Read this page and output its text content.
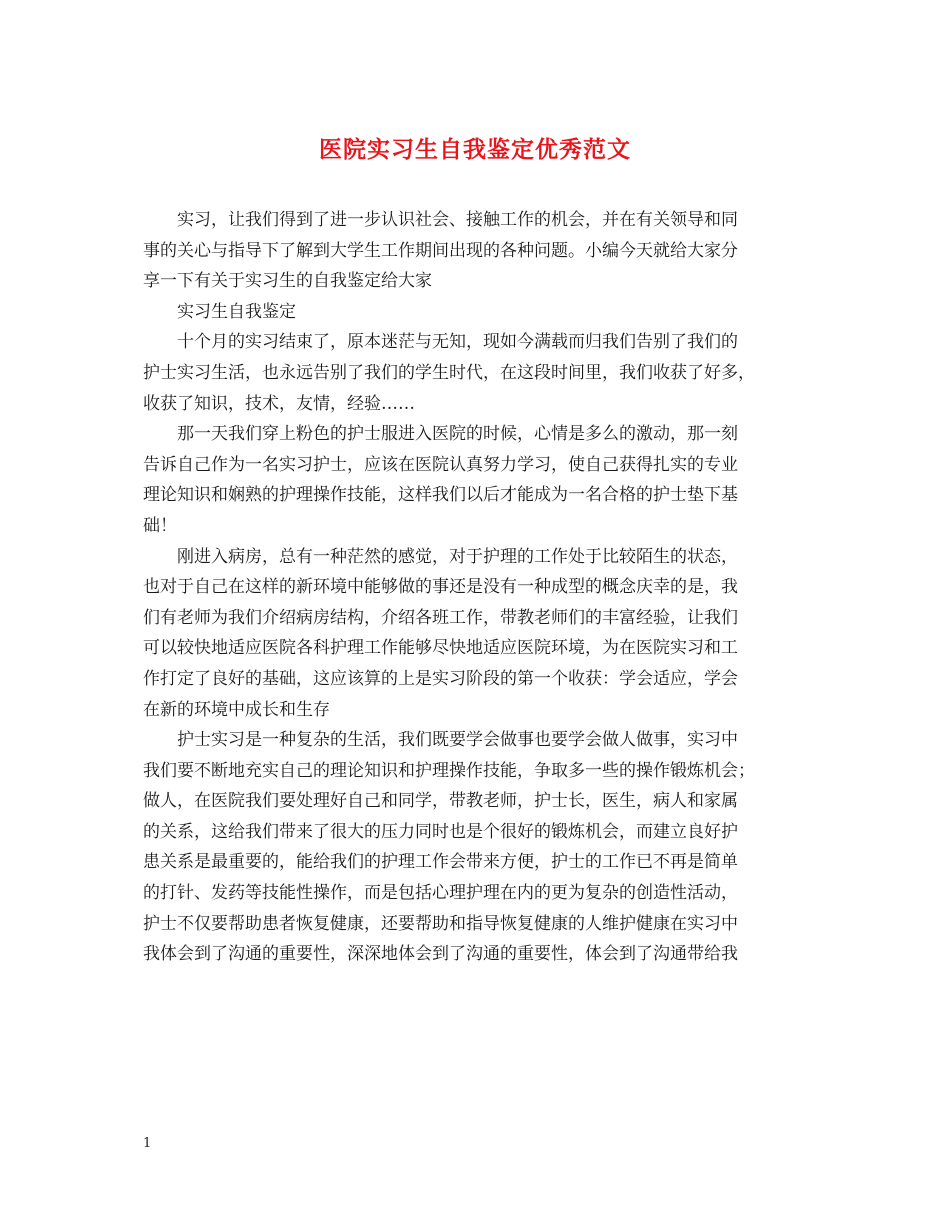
医院实习生自我鉴定优秀范文
实习，让我们得到了进一步认识社会、接触工作的机会，并在有关领导和同
事的关心与指导下了解到大学生工作期间出现的各种问题。小编今天就给大家分
享一下有关于实习生的自我鉴定给大家
实习生自我鉴定
十个月的实习结束了，原本迷茫与无知，现如今满载而归我们告别了我们的
护士实习生活，也永远告别了我们的学生时代，在这段时间里，我们收获了好多，
收获了知识，技术，友情，经验……
那一天我们穿上粉色的护士服进入医院的时候，心情是多么的激动，那一刻
告诉自己作为一名实习护士，应该在医院认真努力学习，使自己获得扎实的专业
理论知识和娴熟的护理操作技能，这样我们以后才能成为一名合格的护士垫下基
础！
刚进入病房，总有一种茫然的感觉，对于护理的工作处于比较陌生的状态，
也对于自己在这样的新环境中能够做的事还是没有一种成型的概念庆幸的是，我
们有老师为我们介绍病房结构，介绍各班工作，带教老师们的丰富经验，让我们
可以较快地适应医院各科护理工作能够尽快地适应医院环境，为在医院实习和工
作打定了良好的基础，这应该算的上是实习阶段的第一个收获：学会适应，学会
在新的环境中成长和生存
护士实习是一种复杂的生活，我们既要学会做事也要学会做人做事，实习中
我们要不断地充实自己的理论知识和护理操作技能，争取多一些的操作锻炼机会；
做人，在医院我们要处理好自己和同学，带教老师，护士长，医生，病人和家属
的关系，这给我们带来了很大的压力同时也是个很好的锻炼机会，而建立良好护
患关系是最重要的，能给我们的护理工作会带来方便，护士的工作已不再是简单
的打针、发药等技能性操作，而是包括心理护理在内的更为复杂的创造性活动，
护士不仅要帮助患者恢复健康，还要帮助和指导恢复健康的人维护健康在实习中
我体会到了沟通的重要性，深深地体会到了沟通的重要性，体会到了沟通带给我
1
